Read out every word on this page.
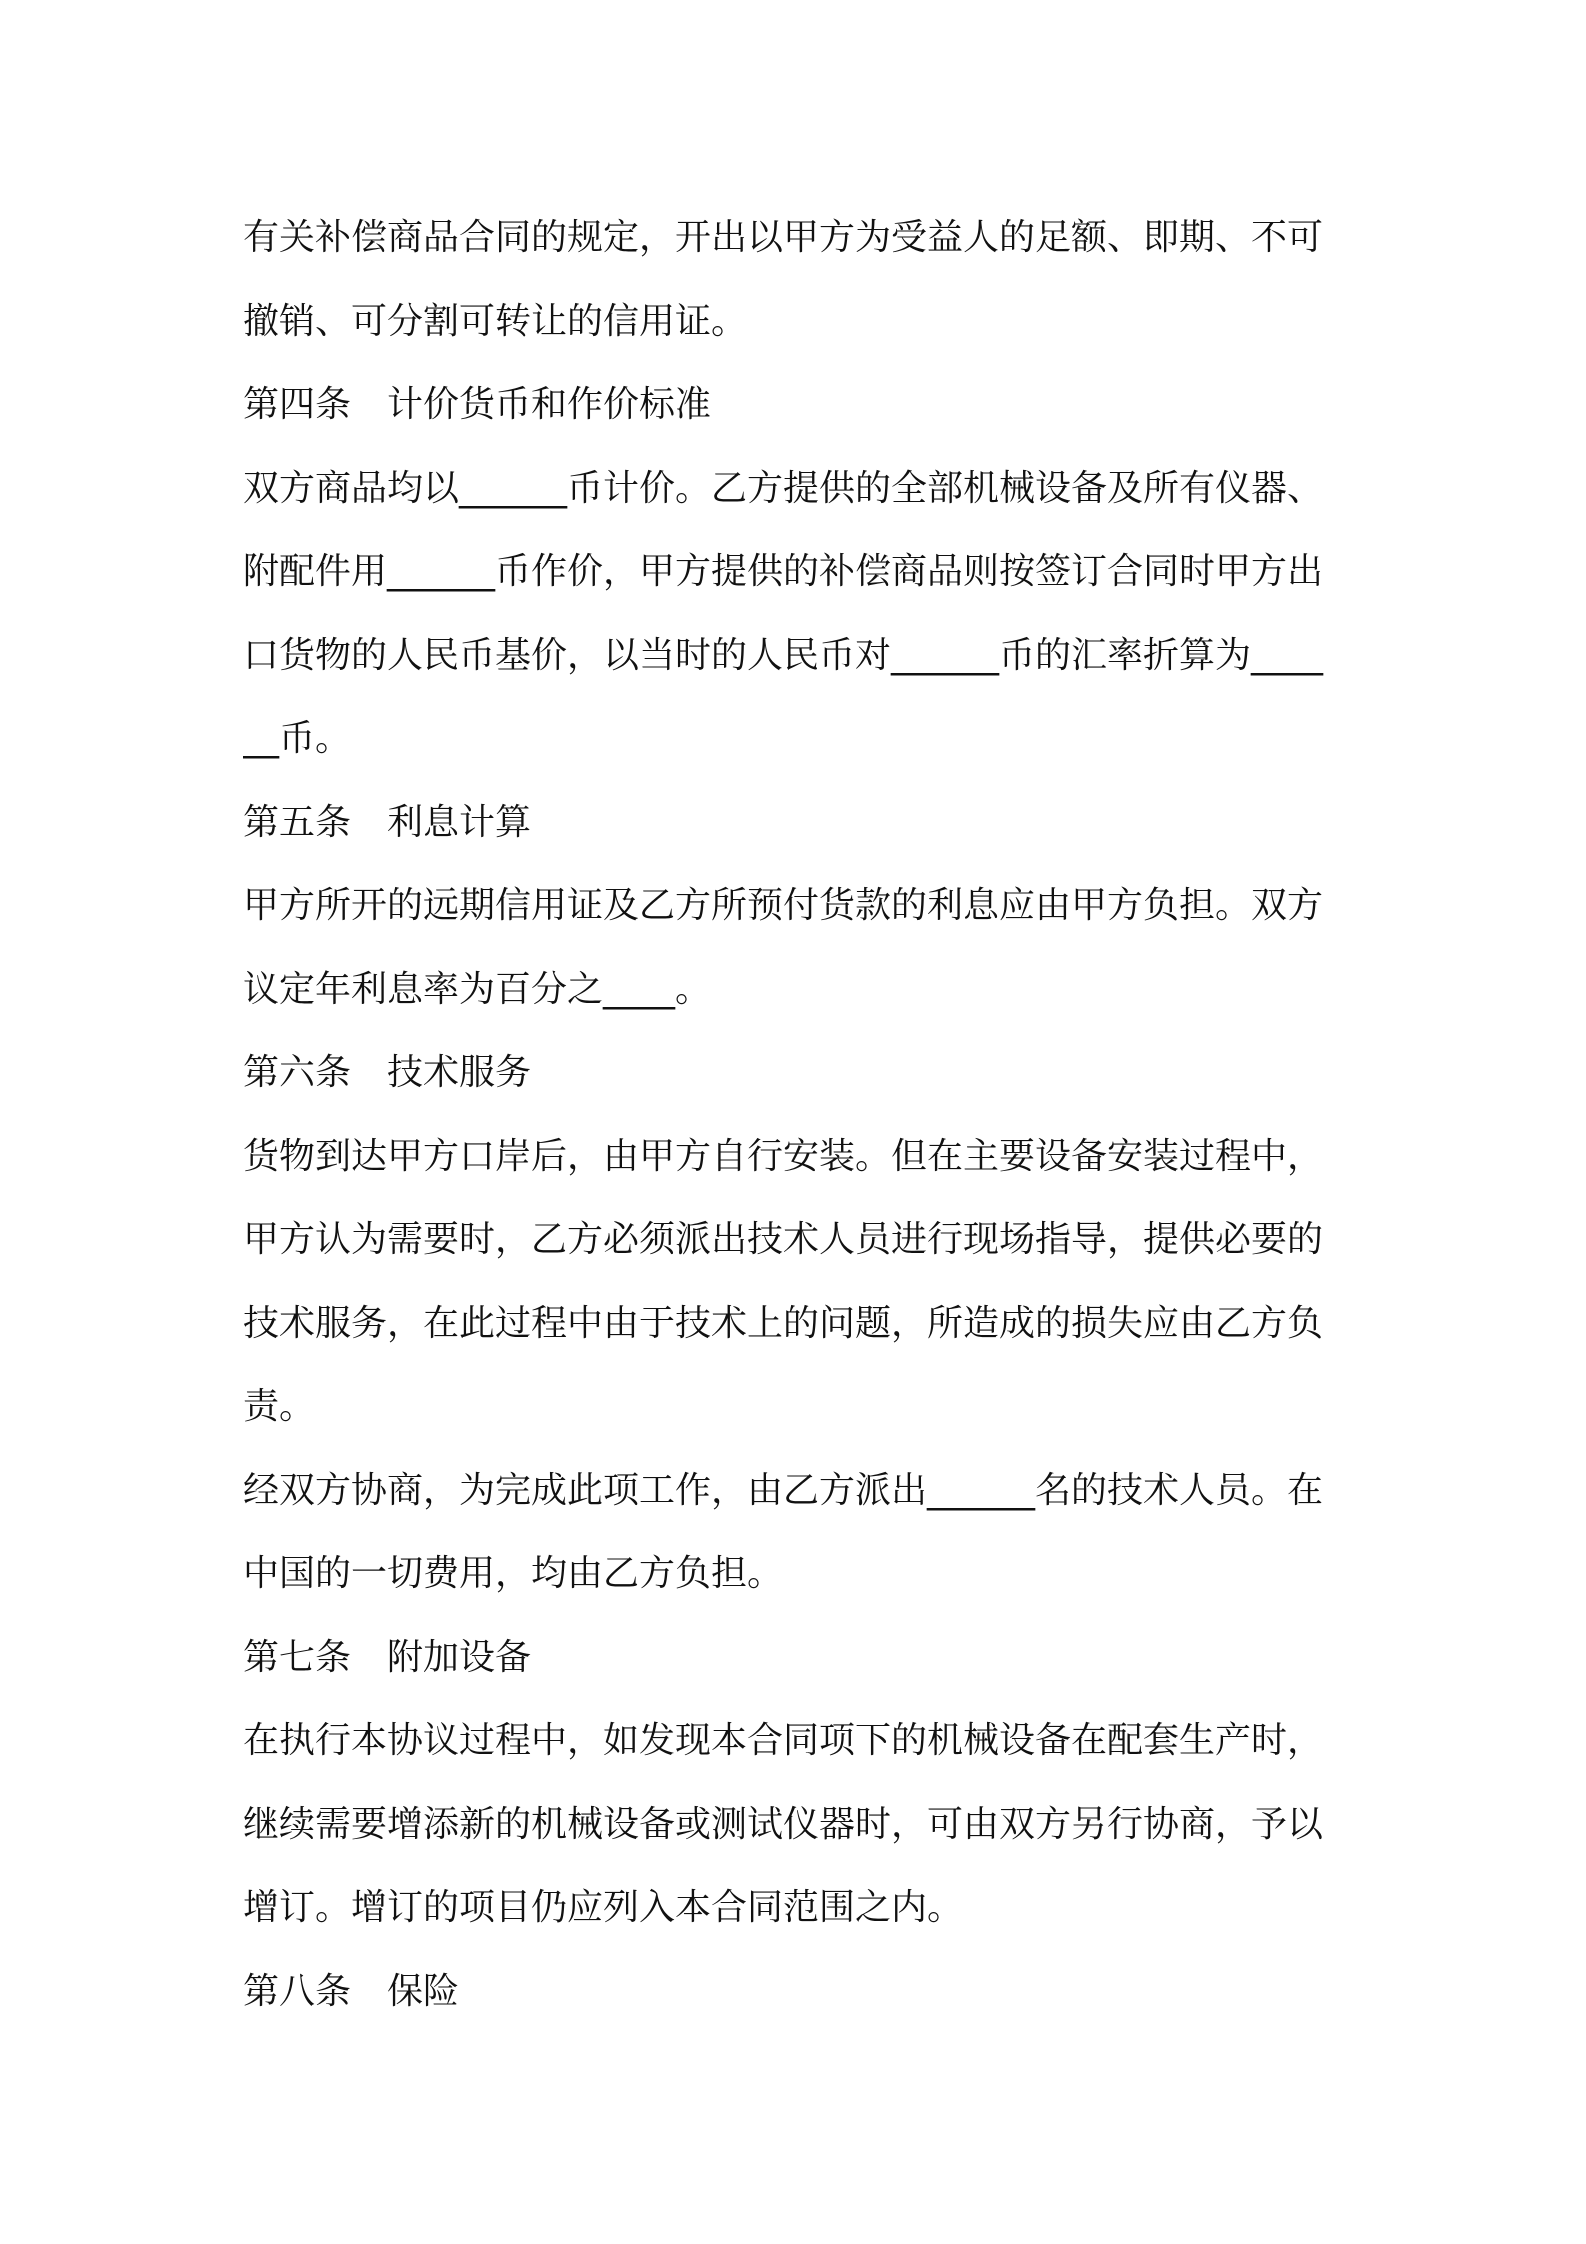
有关补偿商品合同的规定，开出以甲方为受益人的足额、即期、不可
撤销、可分割可转让的信用证。
第四条 计价货币和作价标准
双方商品均以______币计价。乙方提供的全部机械设备及所有仪器、
附配件用______币作价，甲方提供的补偿商品则按签订合同时甲方出
口货物的人民币基价，以当时的人民币对______币的汇率折算为____
__币。
第五条 利息计算
甲方所开的远期信用证及乙方所预付货款的利息应由甲方负担。双方
议定年利息率为百分之____。
第六条 技术服务
货物到达甲方口岸后，由甲方自行安装。但在主要设备安装过程中，
甲方认为需要时，乙方必须派出技术人员进行现场指导，提供必要的
技术服务，在此过程中由于技术上的问题，所造成的损失应由乙方负
责。
经双方协商，为完成此项工作，由乙方派出______名的技术人员。在
中国的一切费用，均由乙方负担。
第七条 附加设备
在执行本协议过程中，如发现本合同项下的机械设备在配套生产时，
继续需要增添新的机械设备或测试仪器时，可由双方另行协商，予以
增订。增订的项目仍应列入本合同范围之内。
第八条 保险
